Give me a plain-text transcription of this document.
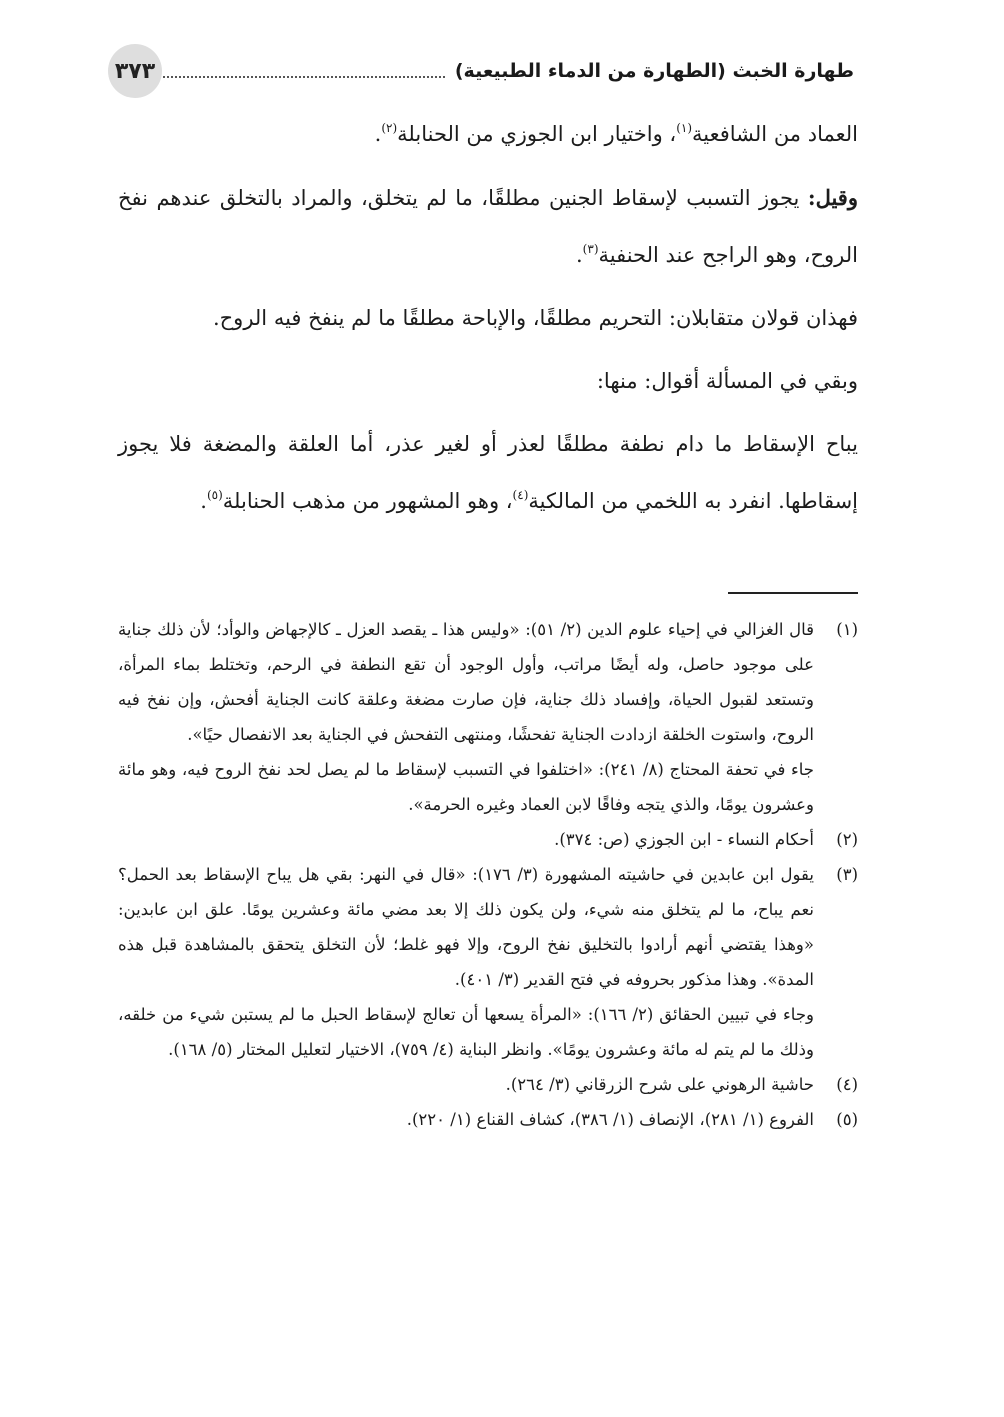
طهارة الخبث (الطهارة من الدماء الطبيعية)
٣٧٣

العماد من الشافعية$^{(١)}$، واختيار ابن الجوزي من الحنابلة$^{(٢)}$.

وقيل: يجوز التسبب لإسقاط الجنين مطلقًا، ما لم يتخلق، والمراد بالتخلق عندهم نفخ الروح، وهو الراجح عند الحنفية$^{(٣)}$.

فهذان قولان متقابلان: التحريم مطلقًا، والإباحة مطلقًا ما لم ينفخ فيه الروح.

وبقي في المسألة أقوال: منها:

يباح الإسقاط ما دام نطفة مطلقًا لعذر أو لغير عذر، أما العلقة والمضغة فلا يجوز إسقاطها. انفرد به اللخمي من المالكية$^{(٤)}$، وهو المشهور من مذهب الحنابلة$^{(٥)}$.

(١)

قال الغزالي في إحياء علوم الدين (٢/ ٥١): «وليس هذا ـ يقصد العزل ـ كالإجهاض والوأد؛ لأن ذلك جناية على موجود حاصل، وله أيضًا مراتب، وأول الوجود أن تقع النطفة في الرحم، وتختلط بماء المرأة، وتستعد لقبول الحياة، وإفساد ذلك جناية، فإن صارت مضغة وعلقة كانت الجناية أفحش، وإن نفخ فيه الروح، واستوت الخلقة ازدادت الجناية تفحشًا، ومنتهى التفحش في الجناية بعد الانفصال حيًا».

جاء في تحفة المحتاج (٨/ ٢٤١): «اختلفوا في التسبب لإسقاط ما لم يصل لحد نفخ الروح فيه، وهو مائة وعشرون يومًا، والذي يتجه وفاقًا لابن العماد وغيره الحرمة».

(٢)

أحكام النساء - ابن الجوزي (ص: ٣٧٤).

(٣)

يقول ابن عابدين في حاشيته المشهورة (٣/ ١٧٦): «قال في النهر: بقي هل يباح الإسقاط بعد الحمل؟ نعم يباح، ما لم يتخلق منه شيء، ولن يكون ذلك إلا بعد مضي مائة وعشرين يومًا. علق ابن عابدين: «وهذا يقتضي أنهم أرادوا بالتخليق نفخ الروح، وإلا فهو غلط؛ لأن التخلق يتحقق بالمشاهدة قبل هذه المدة». وهذا مذكور بحروفه في فتح القدير (٣/ ٤٠١).

وجاء في تبيين الحقائق (٢/ ١٦٦): «المرأة يسعها أن تعالج لإسقاط الحبل ما لم يستبن شيء من خلقه، وذلك ما لم يتم له مائة وعشرون يومًا». وانظر البناية (٤/ ٧٥٩)، الاختيار لتعليل المختار (٥/ ١٦٨).

(٤)

حاشية الرهوني على شرح الزرقاني (٣/ ٢٦٤).

(٥)

الفروع (١/ ٢٨١)، الإنصاف (١/ ٣٨٦)، كشاف القناع (١/ ٢٢٠).
